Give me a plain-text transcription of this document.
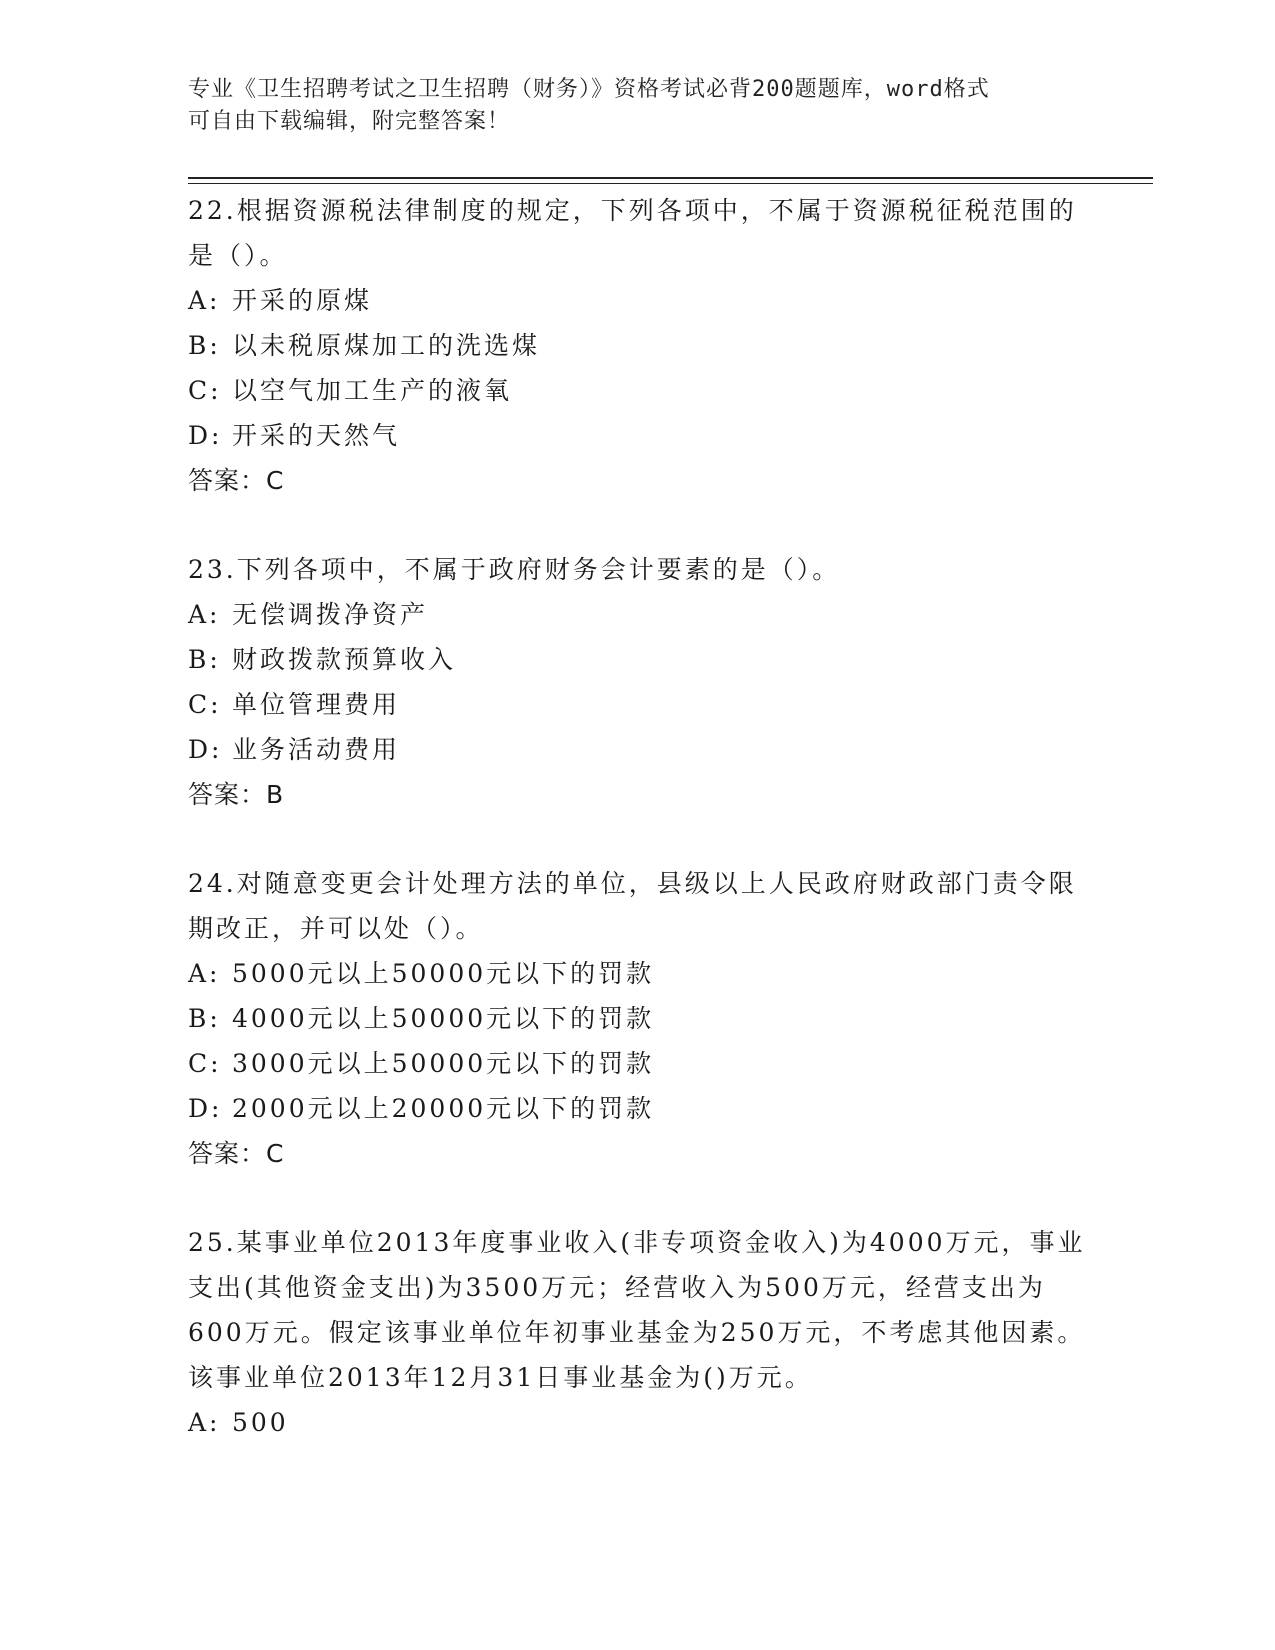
专业《卫生招聘考试之卫生招聘（财务）》资格考试必背200题题库，word格式

可自由下载编辑，附完整答案！

22.根据资源税法律制度的规定，下列各项中，不属于资源税征税范围的是（）。

A: 开采的原煤

B: 以未税原煤加工的洗选煤

C: 以空气加工生产的液氧

D: 开采的天然气

答案：C

23.下列各项中，不属于政府财务会计要素的是（）。

A: 无偿调拨净资产

B: 财政拨款预算收入

C: 单位管理费用

D: 业务活动费用

答案：B

24.对随意变更会计处理方法的单位，县级以上人民政府财政部门责令限期改正，并可以处（）。

A: 5000元以上50000元以下的罚款

B: 4000元以上50000元以下的罚款

C: 3000元以上50000元以下的罚款

D: 2000元以上20000元以下的罚款

答案：C

25.某事业单位2013年度事业收入(非专项资金收入)为4000万元，事业支出(其他资金支出)为3500万元；经营收入为500万元，经营支出为600万元。假定该事业单位年初事业基金为250万元，不考虑其他因素。该事业单位2013年12月31日事业基金为()万元。

A: 500
